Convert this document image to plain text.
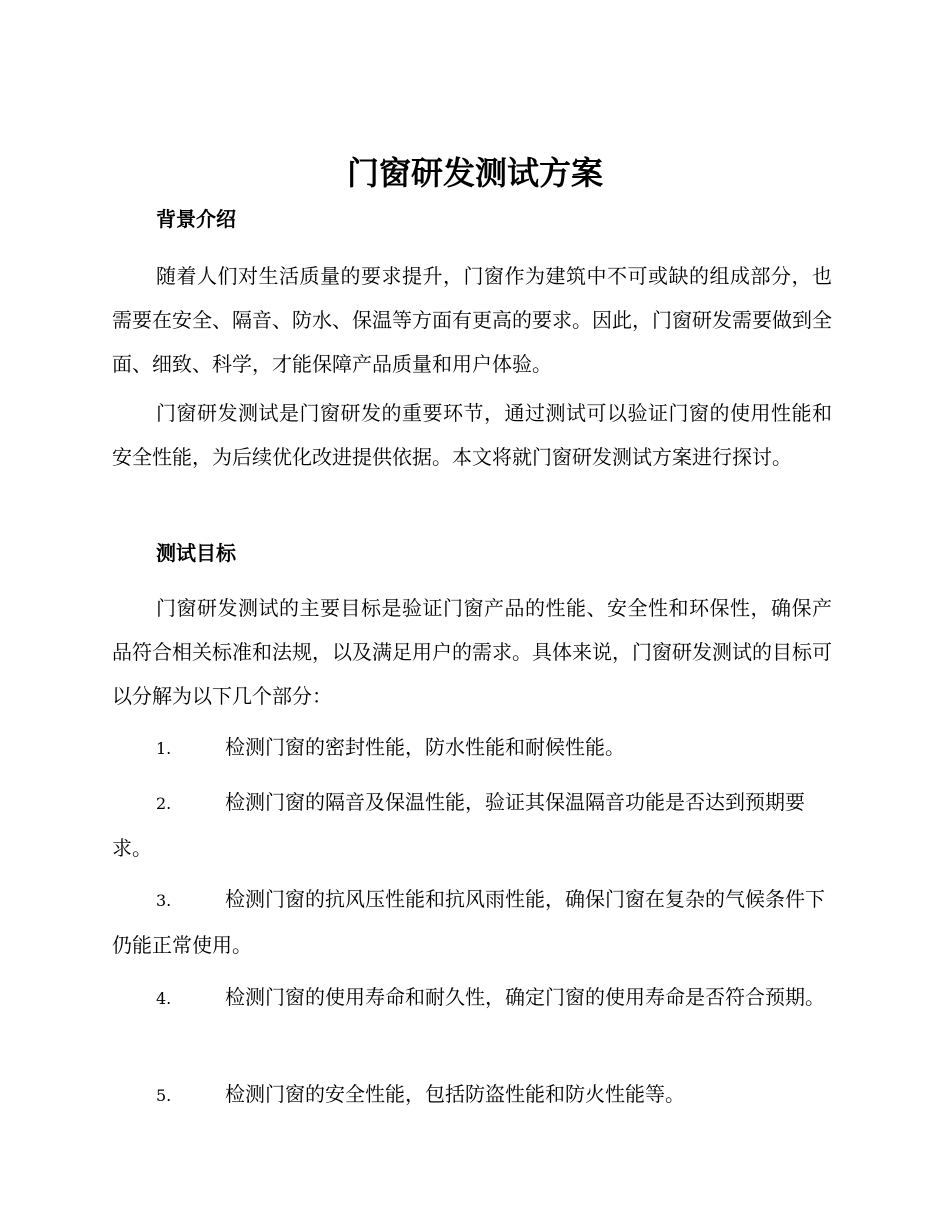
门窗研发测试方案
背景介绍

随着人们对生活质量的要求提升，门窗作为建筑中不可或缺的组成部分，也需要在安全、隔音、防水、保温等方面有更高的要求。因此，门窗研发需要做到全面、细致、科学，才能保障产品质量和用户体验。

门窗研发测试是门窗研发的重要环节，通过测试可以验证门窗的使用性能和安全性能，为后续优化改进提供依据。本文将就门窗研发测试方案进行探讨。

测试目标

门窗研发测试的主要目标是验证门窗产品的性能、安全性和环保性，确保产品符合相关标准和法规，以及满足用户的需求。具体来说，门窗研发测试的目标可以分解为以下几个部分：

1.	检测门窗的密封性能，防水性能和耐候性能。

2.	检测门窗的隔音及保温性能，验证其保温隔音功能是否达到预期要求。

3.	检测门窗的抗风压性能和抗风雨性能，确保门窗在复杂的气候条件下仍能正常使用。

4.	检测门窗的使用寿命和耐久性，确定门窗的使用寿命是否符合预期。

5.	检测门窗的安全性能，包括防盗性能和防火性能等。
